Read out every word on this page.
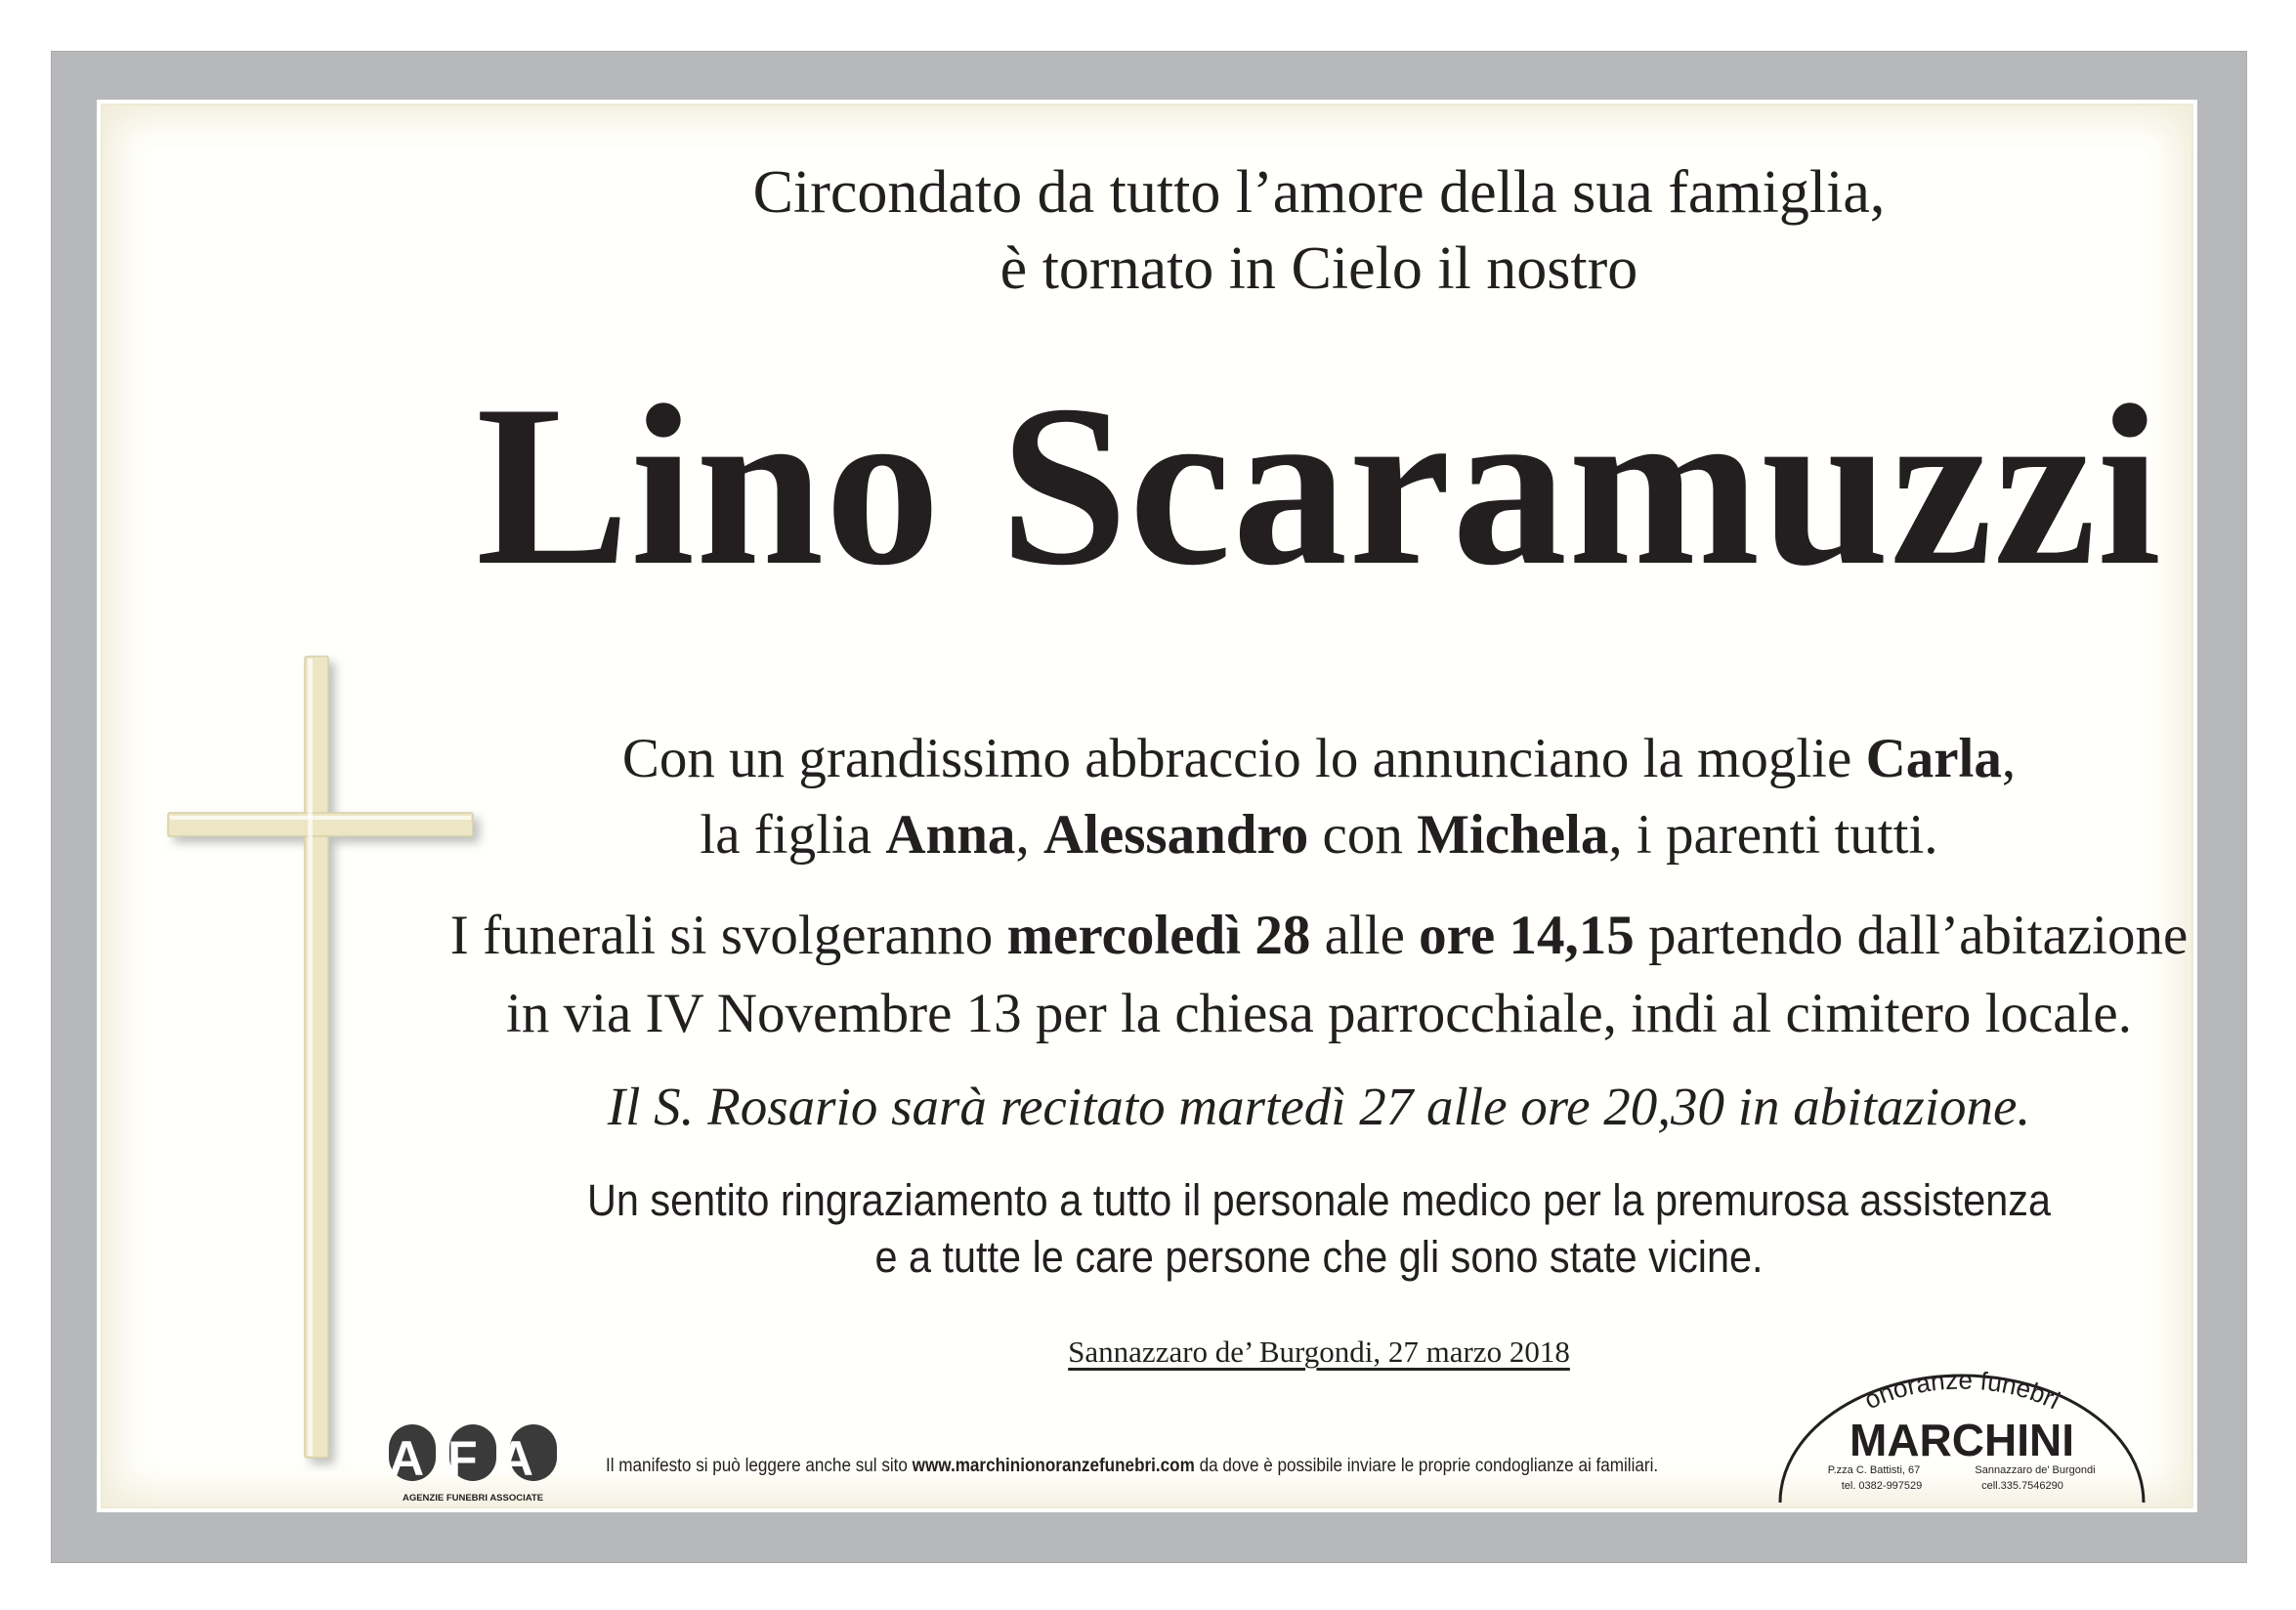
Circondato da tutto l’amore della sua famiglia,
è tornato in Cielo il nostro

Lino Scaramuzzi

Con un grandissimo abbraccio lo annunciano la moglie Carla,
la figlia Anna, Alessandro con Michela, i parenti tutti.

I funerali si svolgeranno mercoledì 28 alle ore 14,15 partendo dall’abitazione
in via IV Novembre 13 per la chiesa parrocchiale, indi al cimitero locale.

Il S. Rosario sarà recitato martedì 27 alle ore 20,30 in abitazione.

Un sentito ringraziamento a tutto il personale medico per la premurosa assistenza
e a tutte le care persone che gli sono state vicine.

Sannazzaro de’ Burgondi, 27 marzo 2018

Il manifesto si può leggere anche sul sito www.marchinionoranzefunebri.com da dove è possibile inviare le proprie condoglianze ai familiari.
AFA
AGENZIE FUNEBRI ASSOCIATE
onoranze funebri
MARCHINI
P.zza C. Battisti, 67	Sannazzaro de' Burgondi
tel. 0382-997529	cell.335.7546290
